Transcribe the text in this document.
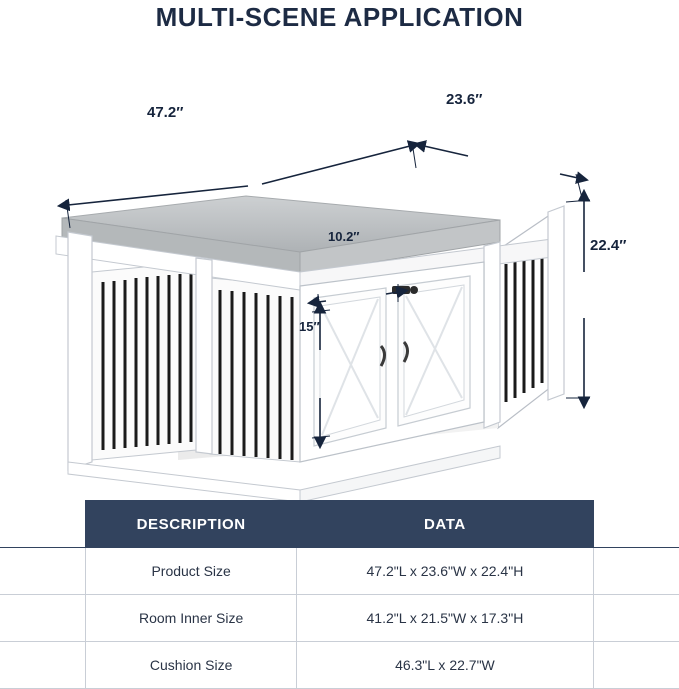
MULTI-SCENE APPLICATION
47.2″
23.6″
22.4″
10.2″
15″
	DESCRIPTION	DATA	
	Product Size	47.2"L x 23.6"W x 22.4"H	
	Room Inner Size	41.2"L x 21.5"W x 17.3"H	
	Cushion Size	46.3"L x 22.7"W	
